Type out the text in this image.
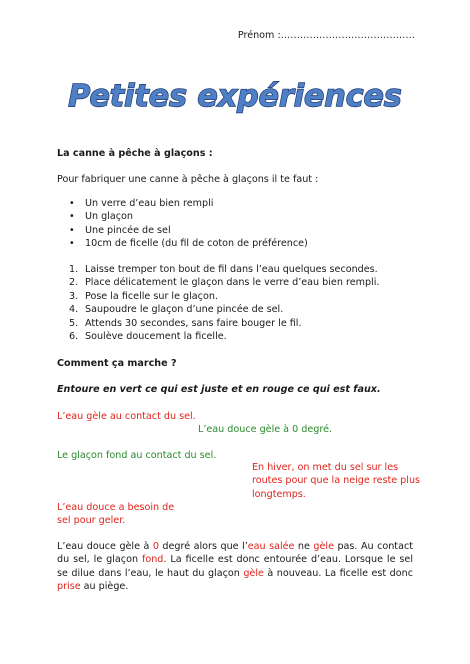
Prénom :……………………………………
Petites expériences
La canne à pêche à glaçons :
Pour fabriquer une canne à pêche à glaçons il te faut :
• Un verre d’eau bien rempli
• Un glaçon
• Une pincée de sel
• 10cm de ficelle (du fil de coton de préférence)
1. Laisse tremper ton bout de fil dans l’eau quelques secondes.
2. Place délicatement le glaçon dans le verre d’eau bien rempli.
3. Pose la ficelle sur le glaçon.
4. Saupoudre le glaçon d’une pincée de sel.
5. Attends 30 secondes, sans faire bouger le fil.
6. Soulève doucement la ficelle.
Comment ça marche ?
Entoure en vert ce qui est juste et en rouge ce qui est faux.
L’eau gèle au contact du sel.
L’eau douce gèle à 0 degré.
Le glaçon fond au contact du sel.
En hiver, on met du sel sur les
routes pour que la neige reste plus
longtemps.
L’eau douce a besoin de
sel pour geler.
L’eau douce gèle à 0 degré alors que l’eau salée ne gèle pas. Au contact du sel, le glaçon fond. La ficelle est donc entourée d’eau. Lorsque le sel se dilue dans l’eau, le haut du glaçon gèle à nouveau. La ficelle est donc prise au piège.
